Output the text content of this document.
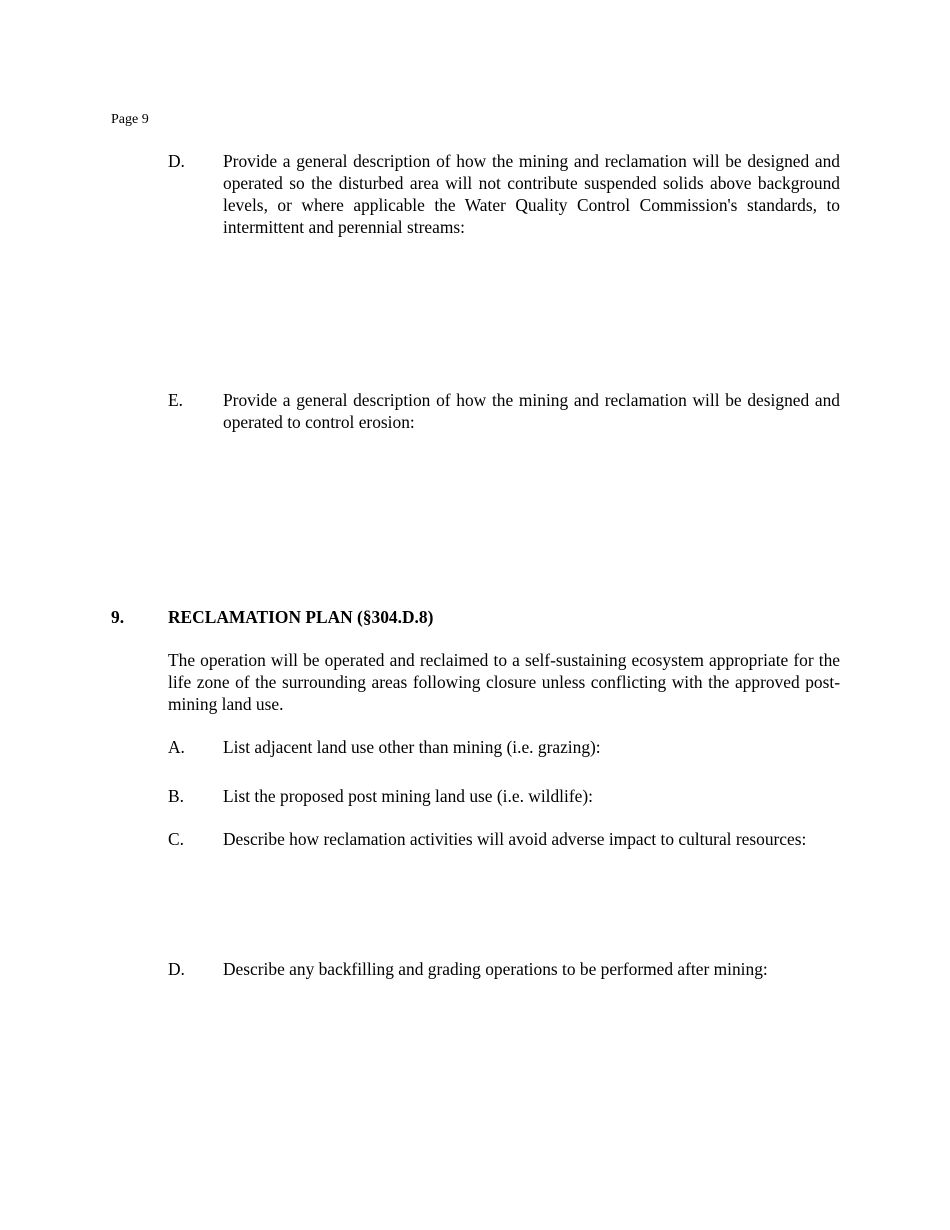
Page 9
D. Provide a general description of how the mining and reclamation will be designed and operated so the disturbed area will not contribute suspended solids above background levels, or where applicable the Water Quality Control Commission's standards, to intermittent and perennial streams:
E. Provide a general description of how the mining and reclamation will be designed and operated to control erosion:
9.	RECLAMATION PLAN (§304.D.8)
The operation will be operated and reclaimed to a self-sustaining ecosystem appropriate for the life zone of the surrounding areas following closure unless conflicting with the approved post-mining land use.
A. List adjacent land use other than mining (i.e. grazing):
B. List the proposed post mining land use (i.e. wildlife):
C. Describe how reclamation activities will avoid adverse impact to cultural resources:
D. Describe any backfilling and grading operations to be performed after mining:
